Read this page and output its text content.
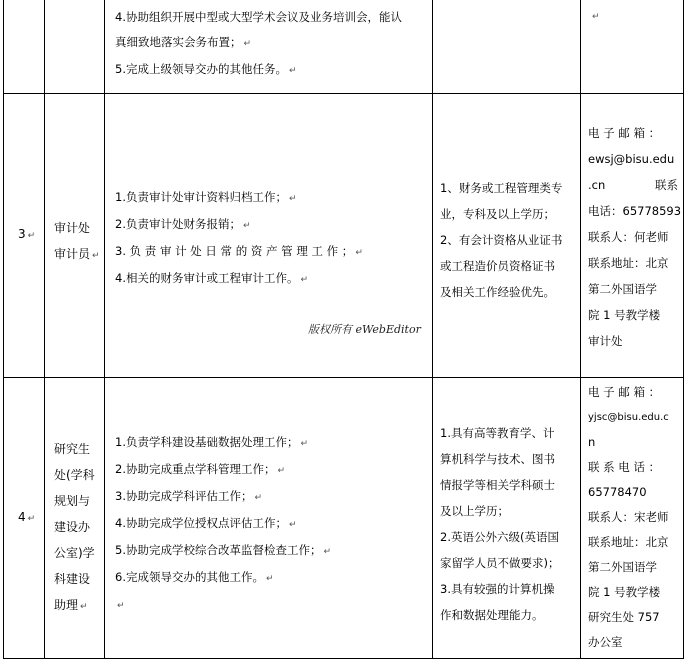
4.协助组织开展中型或大型学术会议及业务培训会，能认
真细致地落实会务布置； ↵
5.完成上级领导交办的其他任务。 ↵
↵
3 ↵
审计处
审计员 ↵
1.负责审计处审计资料归档工作； ↵
2.负责审计处财务报销； ↵
3. 负 责 审 计 处 日 常 的 资 产 管 理 工 作 ； ↵
4.相关的财务审计或工程审计工作。 ↵
版权所有 eWebEditor
1、财务或工程管理类专
业，专科及以上学历；
2、有会计资格从业证书
或工程造价员资格证书
及相关工作经验优先。
电 子 邮 箱 ：
ewsj@bisu.edu
.cn	联系
电话：65778593
联系人：何老师
联系地址：北京
第二外国语学
院 1 号教学楼
审计处
4 ↵
研究生
处(学科
规划与
建设办
公室)学
科建设
助理 ↵
1.负责学科建设基础数据处理工作； ↵
2.协助完成重点学科管理工作； ↵
3.协助完成学科评估工作； ↵
4.协助完成学位授权点评估工作； ↵
5.协助完成学校综合改革监督检查工作； ↵
6.完成领导交办的其他工作。 ↵
↵
1.具有高等教育学、计
算机科学与技术、图书
情报学等相关学科硕士
及以上学历；
2.英语公外六级(英语国
家留学人员不做要求)；
3.具有较强的计算机操
作和数据处理能力。
电 子 邮 箱 ：
yjsc@bisu.edu.c
n
联 系 电 话 ：
65778470
联系人：宋老师
联系地址：北京
第二外国语学
院 1 号教学楼
研究生处 757
办公室
